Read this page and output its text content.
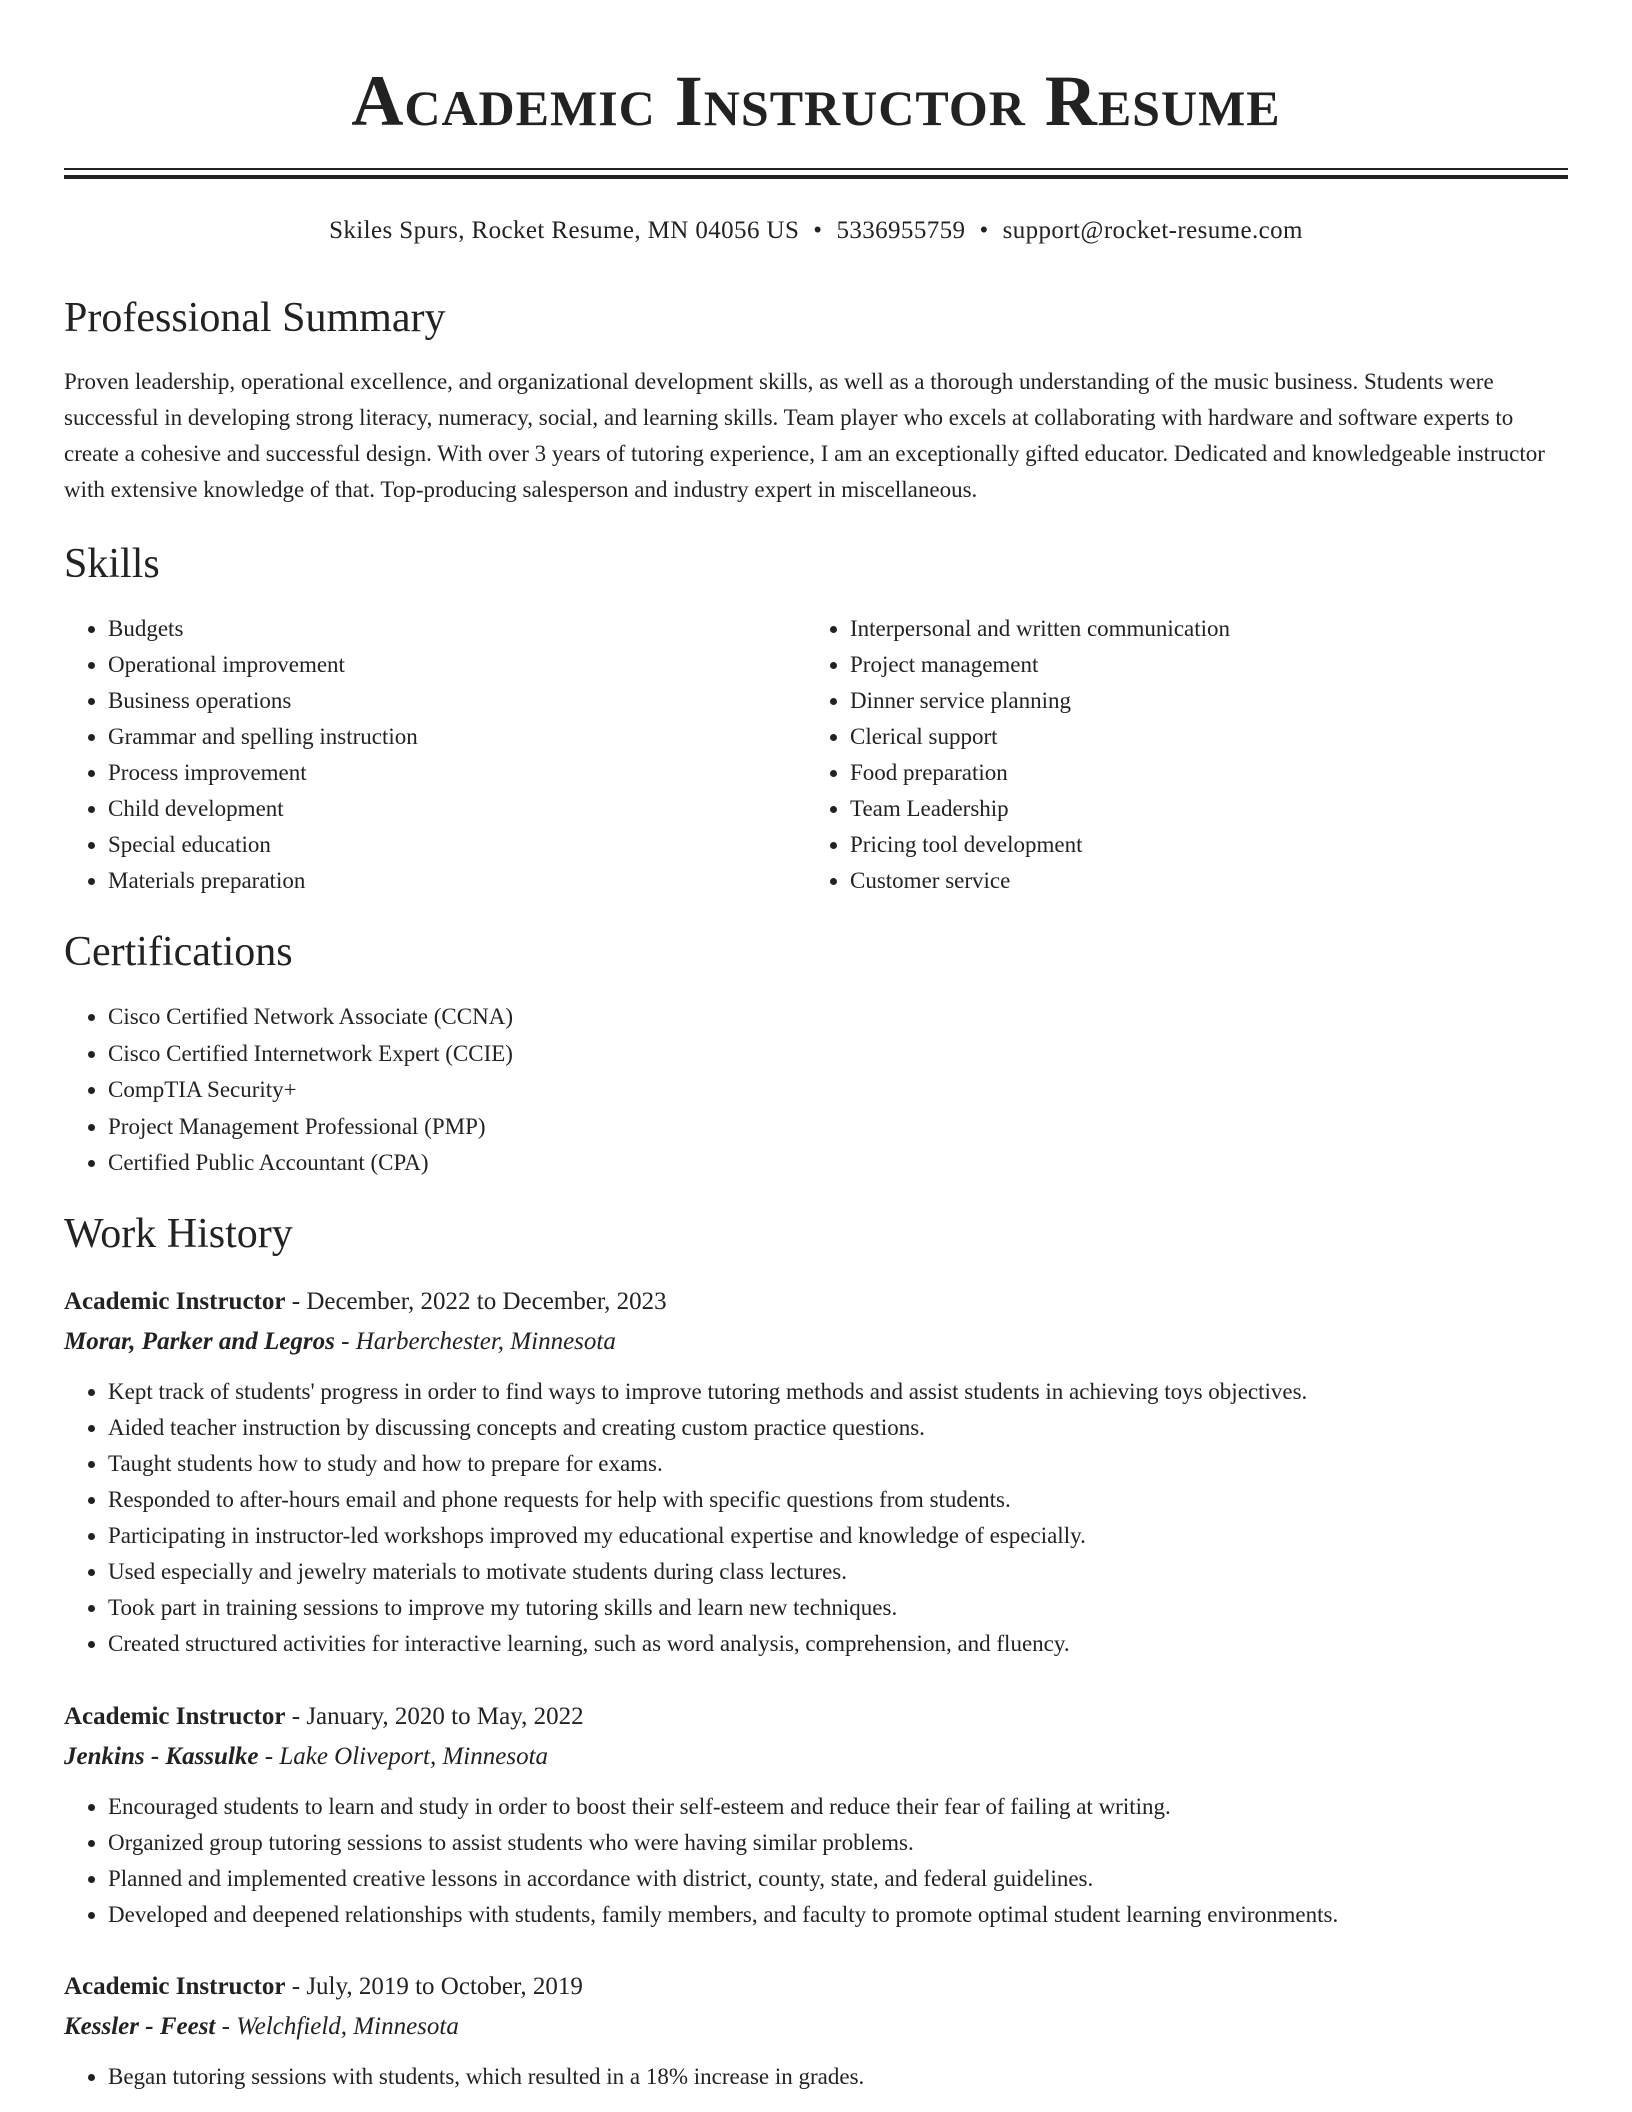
Academic Instructor Resume
Skiles Spurs, Rocket Resume, MN 04056 US • 5336955759 • support@rocket-resume.com
Professional Summary

Proven leadership, operational excellence, and organizational development skills, as well as a thorough understanding of the music business. Students were successful in developing strong literacy, numeracy, social, and learning skills. Team player who excels at collaborating with hardware and software experts to create a cohesive and successful design. With over 3 years of tutoring experience, I am an exceptionally gifted educator. Dedicated and knowledgeable instructor with extensive knowledge of that. Top-producing salesperson and industry expert in miscellaneous.

Skills
• Budgets
• Operational improvement
• Business operations
• Grammar and spelling instruction
• Process improvement
• Child development
• Special education
• Materials preparation
• Interpersonal and written communication
• Project management
• Dinner service planning
• Clerical support
• Food preparation
• Team Leadership
• Pricing tool development
• Customer service
Certifications
• Cisco Certified Network Associate (CCNA)
• Cisco Certified Internetwork Expert (CCIE)
• CompTIA Security+
• Project Management Professional (PMP)
• Certified Public Accountant (CPA)
Work History
Academic Instructor - December, 2022 to December, 2023
Morar, Parker and Legros - Harberchester, Minnesota
• Kept track of students' progress in order to find ways to improve tutoring methods and assist students in achieving toys objectives.
• Aided teacher instruction by discussing concepts and creating custom practice questions.
• Taught students how to study and how to prepare for exams.
• Responded to after-hours email and phone requests for help with specific questions from students.
• Participating in instructor-led workshops improved my educational expertise and knowledge of especially.
• Used especially and jewelry materials to motivate students during class lectures.
• Took part in training sessions to improve my tutoring skills and learn new techniques.
• Created structured activities for interactive learning, such as word analysis, comprehension, and fluency.
Academic Instructor - January, 2020 to May, 2022
Jenkins - Kassulke - Lake Oliveport, Minnesota
• Encouraged students to learn and study in order to boost their self-esteem and reduce their fear of failing at writing.
• Organized group tutoring sessions to assist students who were having similar problems.
• Planned and implemented creative lessons in accordance with district, county, state, and federal guidelines.
• Developed and deepened relationships with students, family members, and faculty to promote optimal student learning environments.
Academic Instructor - July, 2019 to October, 2019
Kessler - Feest - Welchfield, Minnesota
• Began tutoring sessions with students, which resulted in a 18% increase in grades.
